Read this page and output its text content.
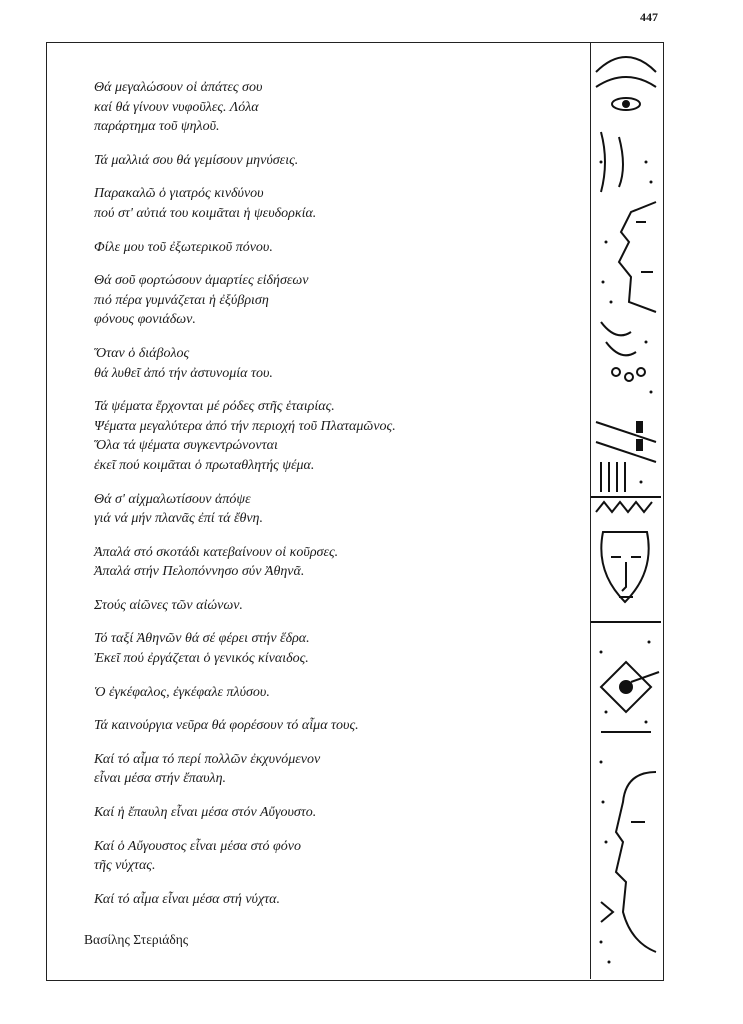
447
Θά μεγαλώσουν οἱ ἀπάτες σου
καί θά γίνουν νυφοῦλες. Λόλα
παράρτημα τοῦ ψηλοῦ.
Τά μαλλιά σου θά γεμίσουν μηνύσεις.
Παρακαλῶ ὁ γιατρός κινδύνου
πού στ' αὐτιά του κοιμᾶται ἡ ψευδορκία.
Φίλε μου τοῦ ἐξωτερικοῦ πόνου.
Θά σοῦ φορτώσουν ἁμαρτίες εἰδήσεων
πιό πέρα γυμνάζεται ἡ ἐξύβριση
φόνους φονιάδων.
Ὅταν ὁ διάβολος
θά λυθεῖ ἀπό τήν ἀστυνομία του.
Τά ψέματα ἔρχονται μέ ρόδες στῆς ἑταιρίας.
Ψέματα μεγαλύτερα ἀπό τήν περιοχή τοῦ Πλαταμῶνος.
Ὅλα τά ψέματα συγκεντρώνονται
ἐκεῖ πού κοιμᾶται ὁ πρωταθλητής ψέμα.
Θά σ' αἰχμαλωτίσουν ἀπόψε
γιά νά μήν πλανᾶς ἐπί τά ἔθνη.
Ἀπαλά στό σκοτάδι κατεβαίνουν οἱ κοῦρσες.
Ἀπαλά στήν Πελοπόννησο σύν Ἀθηνᾶ.
Στούς αἰῶνες τῶν αἰώνων.
Τό ταξί Ἀθηνῶν θά σέ φέρει στήν ἕδρα.
Ἐκεῖ πού ἐργάζεται ὁ γενικός κίναιδος.
Ὁ ἐγκέφαλος, ἐγκέφαλε πλύσου.
Τά καινούργια νεῦρα θά φορέσουν τό αἷμα τους.
Καί τό αἷμα τό περί πολλῶν ἐκχυνόμενον
εἶναι μέσα στήν ἔπαυλη.
Καί ἡ ἔπαυλη εἶναι μέσα στόν Αὔγουστο.
Καί ὁ Αὔγουστος εἶναι μέσα στό φόνο
τῆς νύχτας.
Καί τό αἷμα εἶναι μέσα στή νύχτα.
Βασίλης Στεριάδης
